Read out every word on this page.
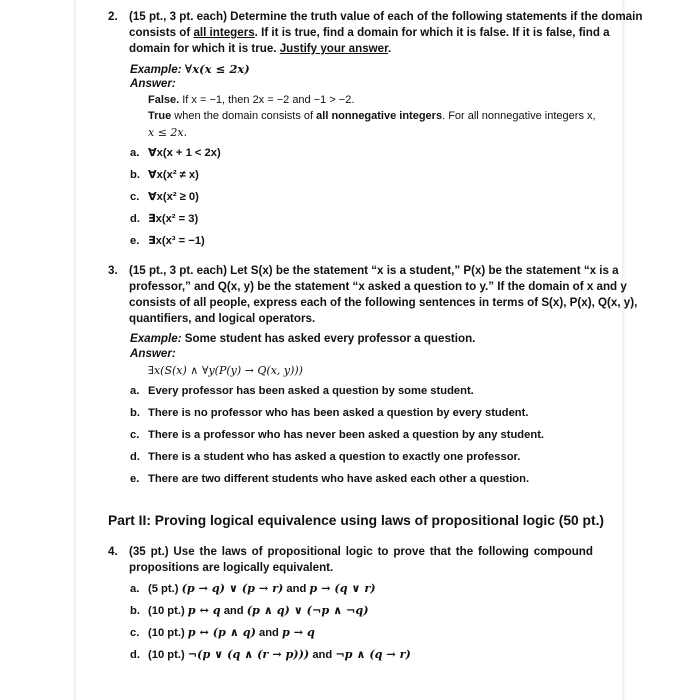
2. (15 pt., 3 pt. each) Determine the truth value of each of the following statements if the domain
consists of all integers. If it is true, find a domain for which it is false. If it is false, find a
domain for which it is true. Justify your answer.
Example: ∀x(x ≤ 2x)
Answer:
False. If x = −1, then 2x = −2 and −1 > −2.
True when the domain consists of all nonnegative integers. For all nonnegative integers x,
x ≤ 2x.
a. ∀x(x + 1 < 2x)
b. ∀x(x² ≠ x)
c. ∀x(x² ≥ 0)
d. ∃x(x² = 3)
e. ∃x(x³ = −1)
3. (15 pt., 3 pt. each) Let S(x) be the statement “x is a student,” P(x) be the statement “x is a
professor,” and Q(x, y) be the statement “x asked a question to y.” If the domain of x and y
consists of all people, express each of the following sentences in terms of S(x), P(x), Q(x, y),
quantifiers, and logical operators.
Example: Some student has asked every professor a question.
Answer:
∃x(S(x) ∧ ∀y(P(y) → Q(x, y)))
a. Every professor has been asked a question by some student.
b. There is no professor who has been asked a question by every student.
c. There is a professor who has never been asked a question by any student.
d. There is a student who has asked a question to exactly one professor.
e. There are two different students who have asked each other a question.
Part II: Proving logical equivalence using laws of propositional logic (50 pt.)
4. (35 pt.) Use the laws of propositional logic to prove that the following compound
propositions are logically equivalent.
a. (5 pt.) (p → q) ∨ (p → r) and p → (q ∨ r)
b. (10 pt.) p ↔ q and (p ∧ q) ∨ (¬p ∧ ¬q)
c. (10 pt.) p ↔ (p ∧ q) and p → q
d. (10 pt.) ¬(p ∨ (q ∧ (r → p))) and ¬p ∧ (q → r)
